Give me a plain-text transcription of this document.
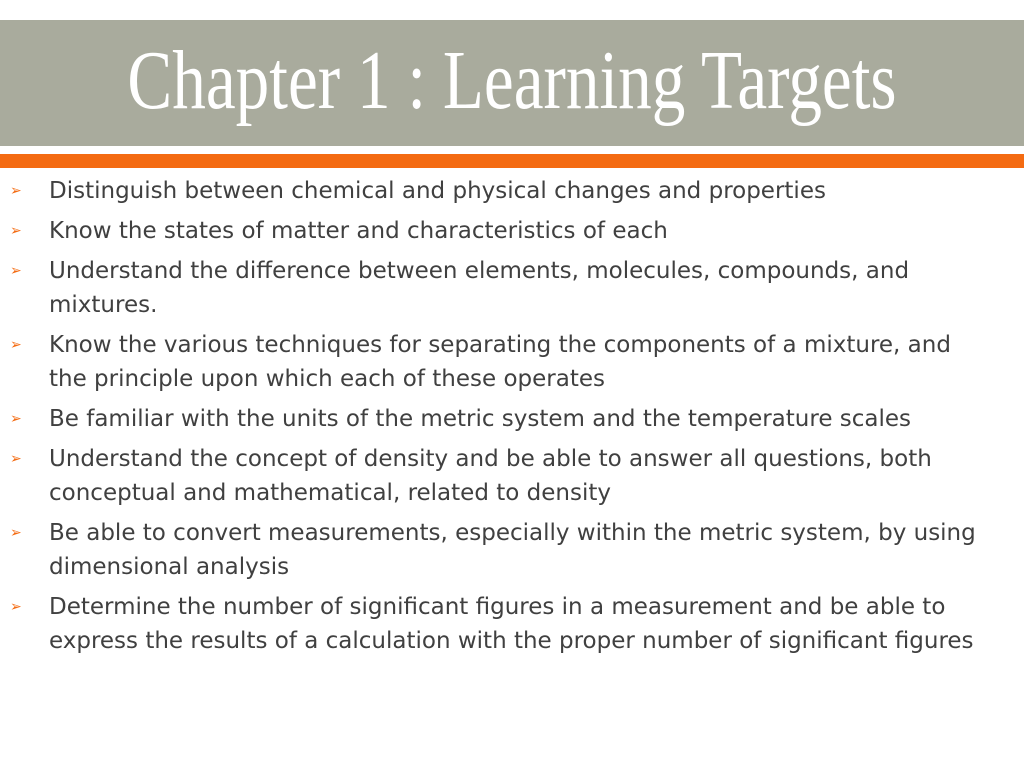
Chapter 1 : Learning Targets
➢ Distinguish between chemical and physical changes and properties
➢ Know the states of matter and characteristics of each
➢ Understand the difference between elements, molecules, compounds, and mixtures.
➢ Know the various techniques for separating the components of a mixture, and the principle upon which each of these operates
➢ Be familiar with the units of the metric system and the temperature scales
➢ Understand the concept of density and be able to answer all questions, both conceptual and mathematical, related to density
➢ Be able to convert measurements, especially within the metric system, by using dimensional analysis
➢ Determine the number of significant figures in a measurement and be able to express the results of a calculation with the proper number of significant figures
